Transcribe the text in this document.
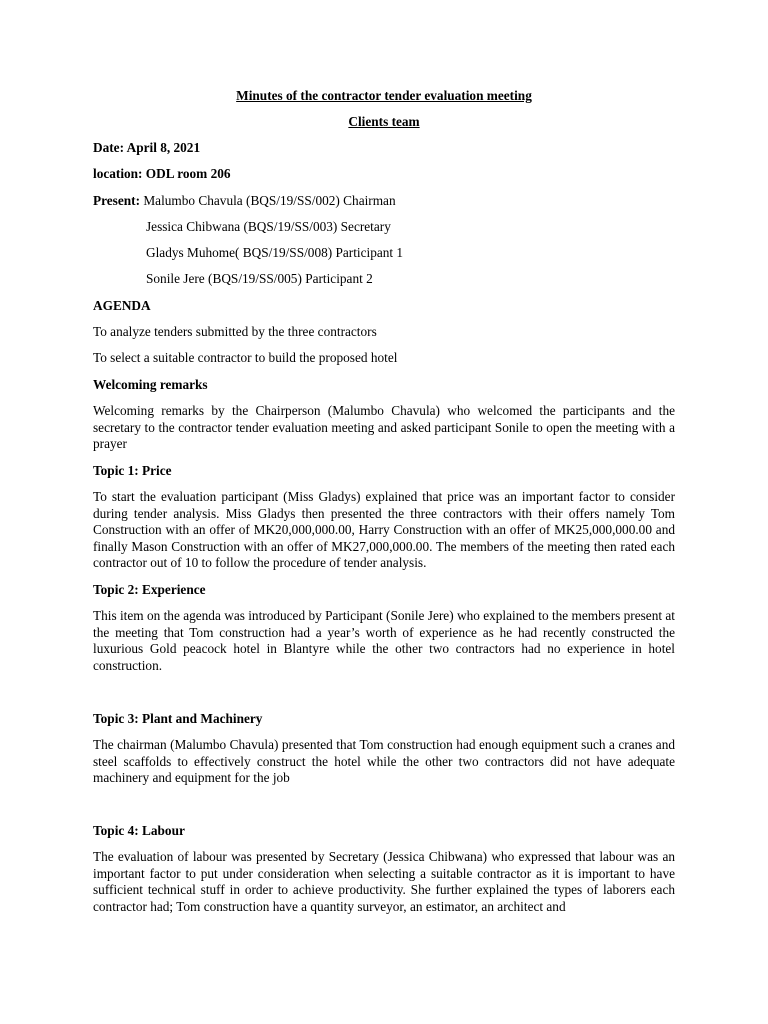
Minutes of the contractor tender evaluation meeting
Clients team
Date: April 8, 2021
location: ODL room 206
Present: Malumbo Chavula (BQS/19/SS/002) Chairman
Jessica Chibwana (BQS/19/SS/003) Secretary
Gladys Muhome( BQS/19/SS/008) Participant 1
Sonile Jere (BQS/19/SS/005) Participant 2
AGENDA
To analyze tenders submitted by the three contractors
To select a suitable contractor to build the proposed hotel
Welcoming remarks
Welcoming remarks by the Chairperson (Malumbo Chavula) who welcomed the participants and the secretary to the contractor tender evaluation meeting and asked participant Sonile to open the meeting with a prayer
Topic 1: Price
To start the evaluation participant (Miss Gladys) explained that price was an important factor to consider during tender analysis. Miss Gladys then presented the three contractors with their offers namely Tom Construction with an offer of MK20,000,000.00, Harry Construction with an offer of MK25,000,000.00 and finally Mason Construction with an offer of MK27,000,000.00. The members of the meeting then rated each contractor out of 10 to follow the procedure of tender analysis.
Topic 2: Experience
This item on the agenda was introduced by Participant (Sonile Jere) who explained to the members present at the meeting that Tom construction had a year’s worth of experience as he had recently constructed the luxurious Gold peacock hotel in Blantyre while the other two contractors had no experience in hotel construction.
Topic 3: Plant and Machinery
The chairman (Malumbo Chavula) presented that Tom construction had enough equipment such a cranes and steel scaffolds to effectively construct the hotel while the other two contractors did not have adequate machinery and equipment for the job
Topic 4: Labour
The evaluation of labour was presented by Secretary (Jessica Chibwana) who expressed that labour was an important factor to put under consideration when selecting a suitable contractor as it is important to have sufficient technical stuff in order to achieve productivity. She further explained the types of laborers each contractor had; Tom construction have a quantity surveyor, an estimator, an architect and
